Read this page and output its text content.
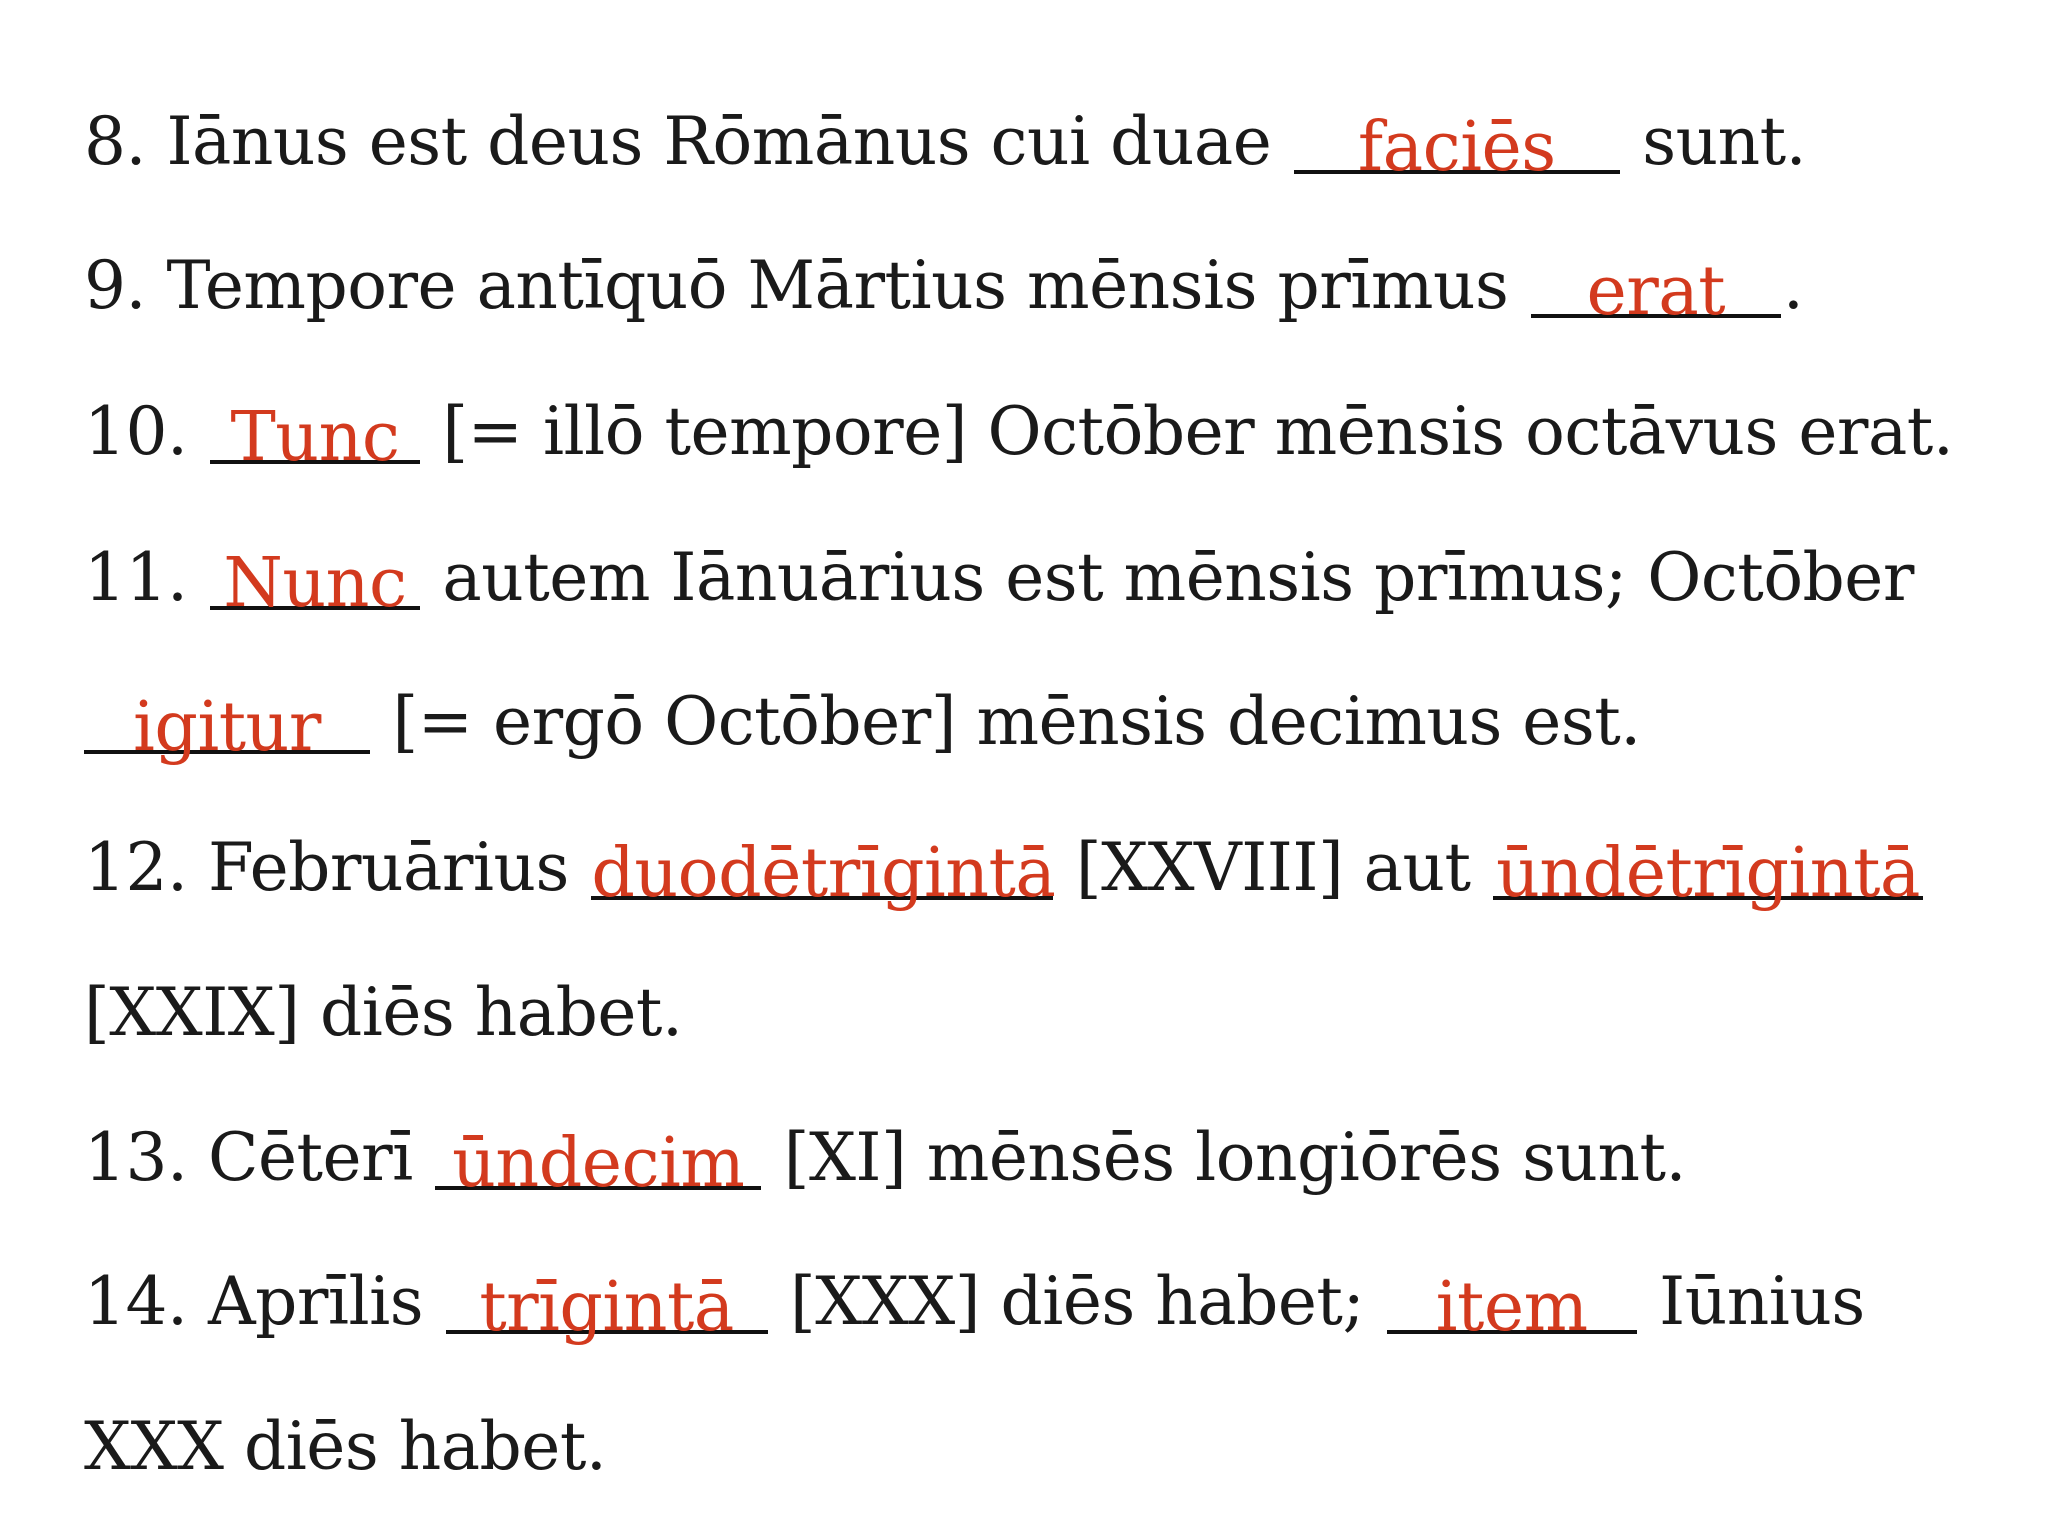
8. Iānus est deus Rōmānus cui duae faciēs sunt.
9. Tempore antīquō Mārtius mēnsis prīmus erat .
10. Tunc [= illō tempore] Octōber mēnsis octāvus erat.
11. Nunc autem Iānuārius est mēnsis prīmus; Octōber
igitur [= ergō Octōber] mēnsis decimus est.
12. Februārius duodētrīgintā [XXVIII] aut ūndētrīgintā
[XXIX] diēs habet.
13. Cēterī ūndecim [XI] mēnsēs longiōrēs sunt.
14. Aprīlis trīgintā [XXX] diēs habet; item Iūnius
XXX diēs habet.
